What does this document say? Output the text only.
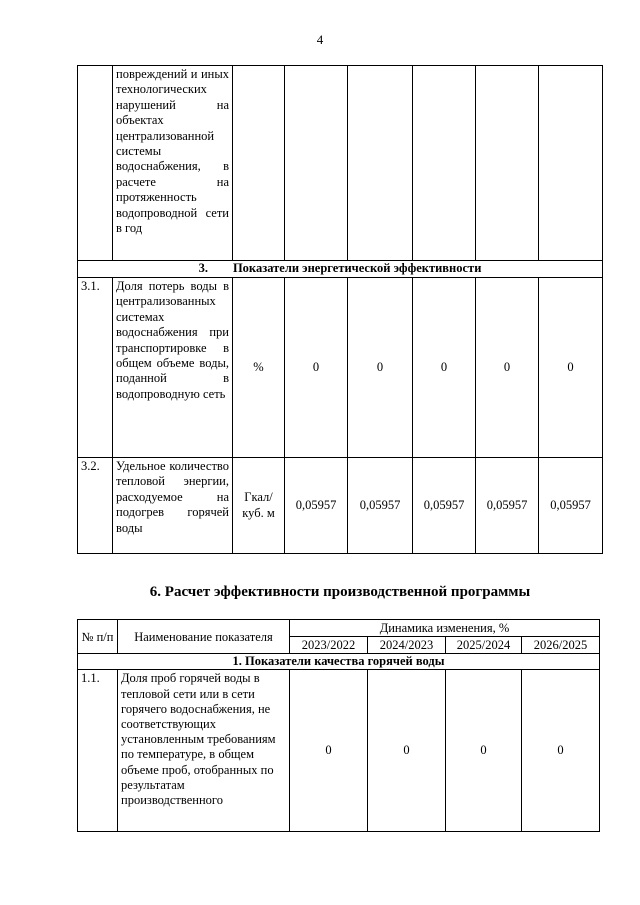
4
	повреждений и иных технологических нарушений на объектах централизованной системы водоснабжения, в расчете на протяженность водопроводной сети в год						
3.        Показатели энергетической эффективности							
3.1.	Доля потерь воды в централизованных системах водоснабжения при транспортировке в общем объеме воды, поданной в водопроводную сеть	%	0	0	0	0	0
3.2.	Удельное количество тепловой энергии, расходуемое на подогрев горячей воды	Гкал/ куб. м	0,05957	0,05957	0,05957	0,05957	0,05957
6. Расчет эффективности производственной программы
№ п/п	Наименование показателя	Динамика изменения, %			
		2023/2022	2024/2023	2025/2024	2026/2025
1. Показатели качества горячей воды					
1.1.	Доля проб горячей воды в тепловой сети или в сети горячего водоснабжения, не соответствующих установленным требованиям по температуре, в общем объеме проб, отобранных по результатам производственного	0	0	0	0
